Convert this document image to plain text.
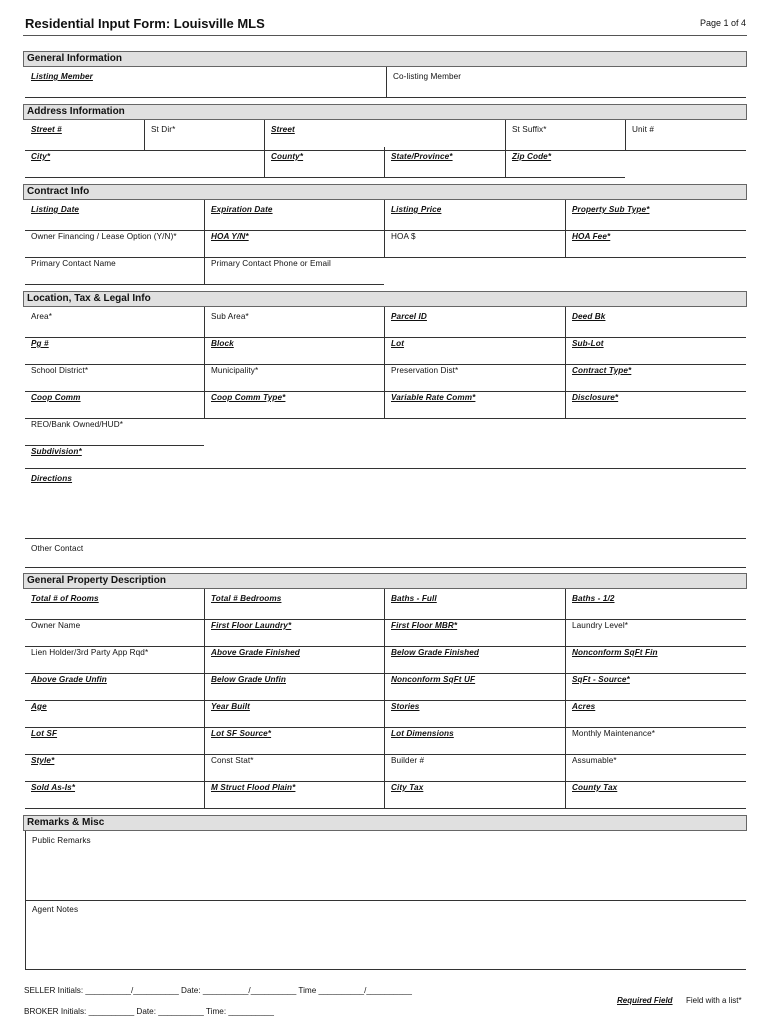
Residential Input Form: Louisville MLS	Page 1 of 4
General Information
Listing Member	Co-listing Member
Address Information
Street #	St Dir*	Street	St Suffix*	Unit #
City*	County*	State/Province*	Zip Code*
Contract Info
Listing Date	Expiration Date	Listing Price	Property Sub Type*
Owner Financing / Lease Option (Y/N)*	HOA Y/N*	HOA $	HOA Fee*
Primary Contact Name	Primary Contact Phone or Email
Location, Tax & Legal Info
Area*	Sub Area*	Parcel ID	Deed Bk
Pg #	Block	Lot	Sub-Lot
School District*	Municipality*	Preservation Dist*	Contract Type*
Coop Comm	Coop Comm Type*	Variable Rate Comm*	Disclosure*
REO/Bank Owned/HUD*
Subdivision*
Directions
Other Contact
General Property Description
Total # of Rooms	Total # Bedrooms	Baths - Full	Baths - 1/2
Owner Name	First Floor Laundry*	First Floor MBR*	Laundry Level*
Lien Holder/3rd Party App Rqd*	Above Grade Finished	Below Grade Finished	Nonconform SqFt Fin
Above Grade Unfin	Below Grade Unfin	Nonconform SqFt UF	SqFt - Source*
Age	Year Built	Stories	Acres
Lot SF	Lot SF Source*	Lot Dimensions	Monthly Maintenance*
Style*	Const Stat*	Builder #	Assumable*
Sold As-Is*	M Struct Flood Plain*	City Tax	County Tax
Remarks & Misc
Public Remarks
Agent Notes
SELLER Initials: __________/__________ Date: __________/__________ Time __________/__________
BROKER Initials: __________ Date: __________ Time: __________
Required Field Field with a list*
